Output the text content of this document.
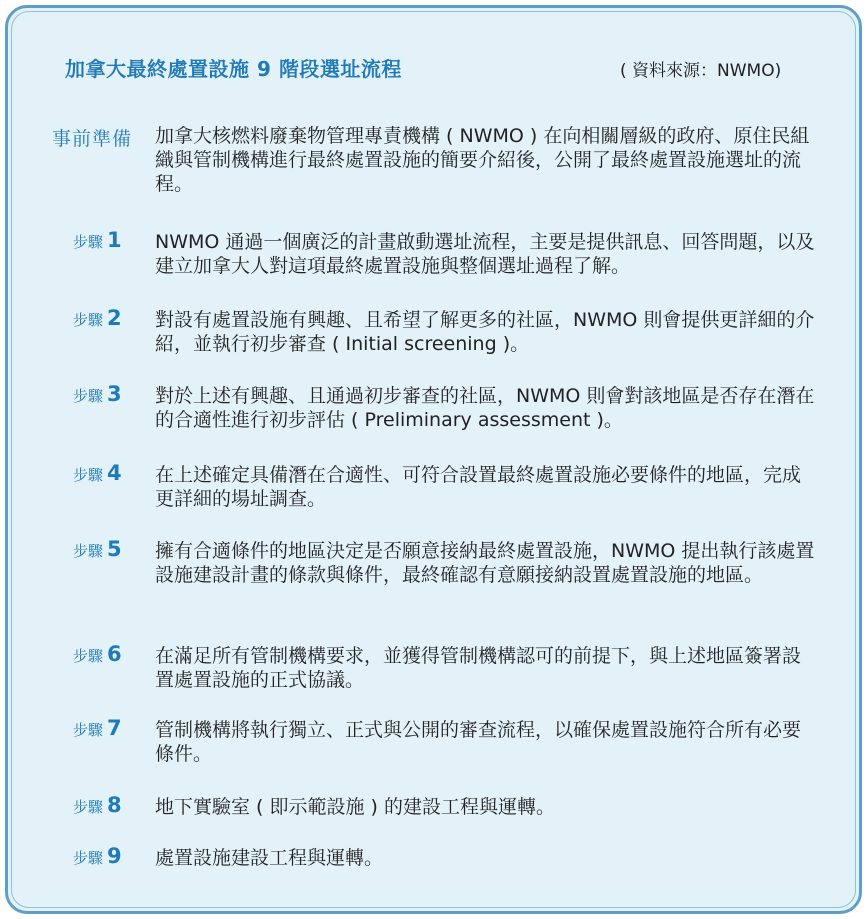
加拿大最終處置設施 9 階段選址流程	( 資料來源：NWMO)
事前準備 加拿大核燃料廢棄物管理專責機構 ( NWMO ) 在向相關層級的政府、原住民組織與管制機構進行最終處置設施的簡要介紹後，公開了最終處置設施選址的流程。
步驟 1	NWMO 通過一個廣泛的計畫啟動選址流程，主要是提供訊息、回答問題，以及建立加拿大人對這項最終處置設施與整個選址過程了解。
步驟 2	對設有處置設施有興趣、且希望了解更多的社區，NWMO 則會提供更詳細的介紹，並執行初步審查 ( Initial screening )。
步驟 3	對於上述有興趣、且通過初步審查的社區，NWMO 則會對該地區是否存在潛在的合適性進行初步評估 ( Preliminary assessment )。
步驟 4	在上述確定具備潛在合適性、可符合設置最終處置設施必要條件的地區，完成更詳細的場址調查。
步驟 5	擁有合適條件的地區決定是否願意接納最終處置設施，NWMO 提出執行該處置設施建設計畫的條款與條件，最終確認有意願接納設置處置設施的地區。
步驟 6	在滿足所有管制機構要求，並獲得管制機構認可的前提下，與上述地區簽署設置處置設施的正式協議。
步驟 7	管制機構將執行獨立、正式與公開的審查流程，以確保處置設施符合所有必要條件。
步驟 8	地下實驗室 ( 即示範設施 ) 的建設工程與運轉。
步驟 9	處置設施建設工程與運轉。
